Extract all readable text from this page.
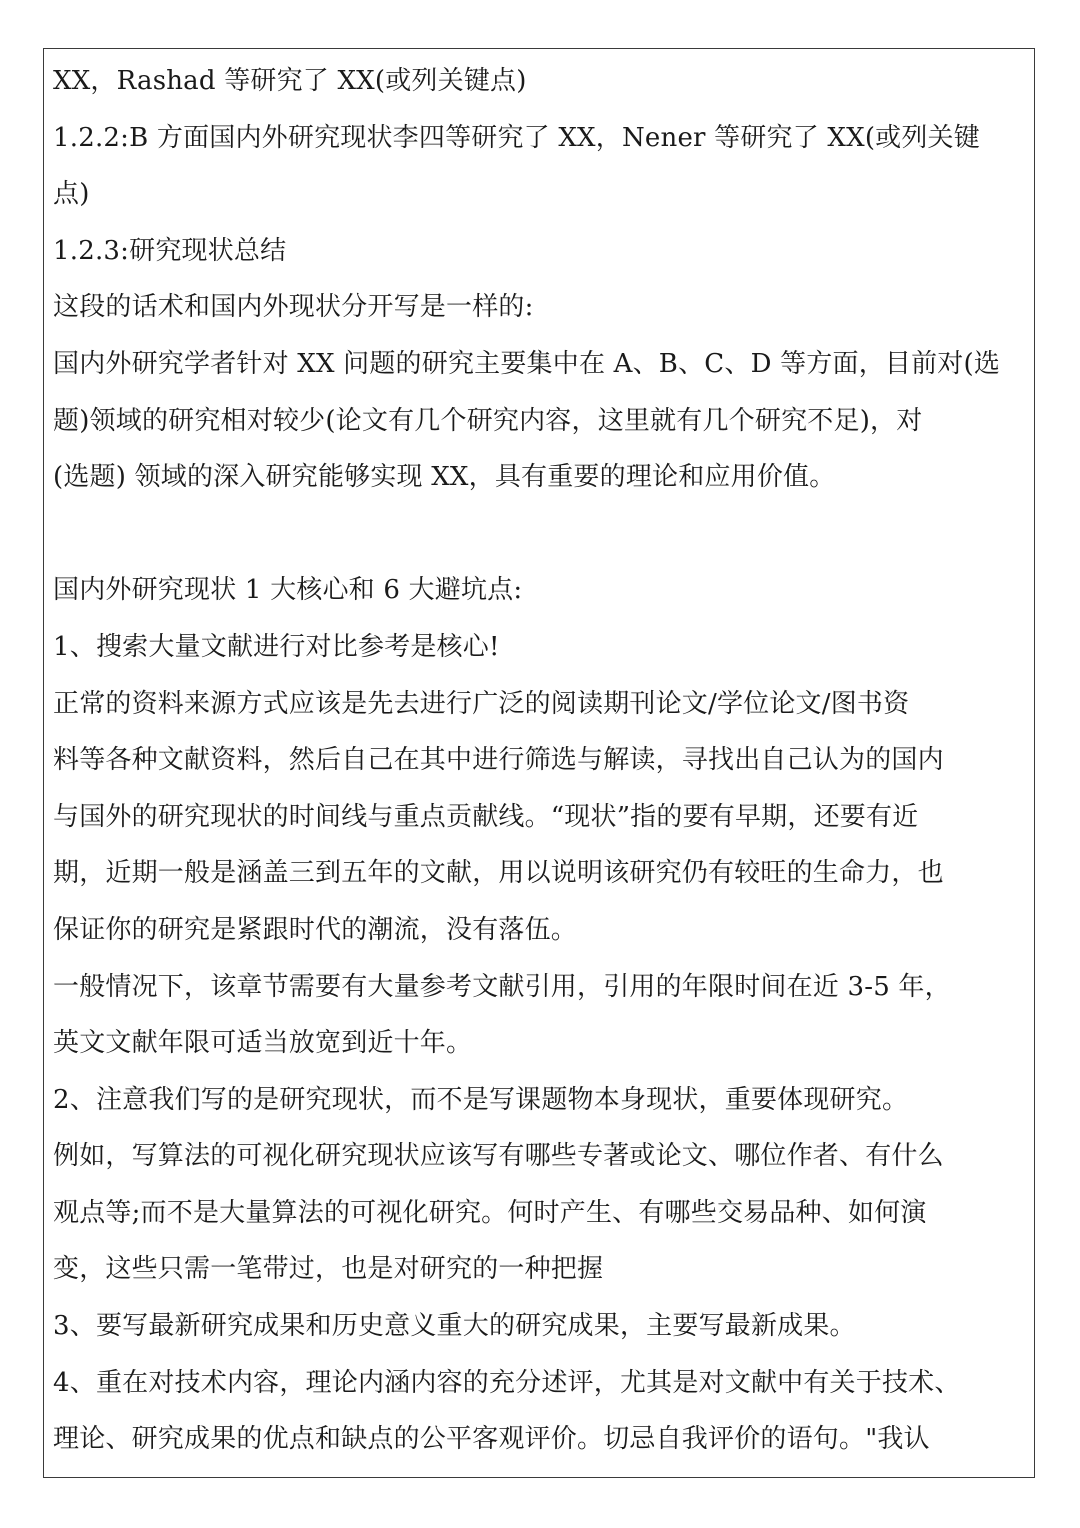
XX，Rashad 等研究了 XX(或列关键点)
1.2.2:B 方面国内外研究现状李四等研究了 XX，Nener 等研究了 XX(或列关键
点)
1.2.3:研究现状总结
这段的话术和国内外现状分开写是一样的:
国内外研究学者针对 XX 问题的研究主要集中在 A、B、C、D 等方面，目前对(选
题)领域的研究相对较少(论文有几个研究内容，这里就有几个研究不足)，对
(选题) 领域的深入研究能够实现 XX，具有重要的理论和应用价值。
国内外研究现状 1 大核心和 6 大避坑点:
1、搜索大量文献进行对比参考是核心!
正常的资料来源方式应该是先去进行广泛的阅读期刊论文/学位论文/图书资
料等各种文献资料，然后自己在其中进行筛选与解读，寻找出自己认为的国内
与国外的研究现状的时间线与重点贡献线。“现状”指的要有早期，还要有近
期，近期一般是涵盖三到五年的文献，用以说明该研究仍有较旺的生命力，也
保证你的研究是紧跟时代的潮流，没有落伍。
一般情况下，该章节需要有大量参考文献引用，引用的年限时间在近 3-5 年，
英文文献年限可适当放宽到近十年。
2、注意我们写的是研究现状，而不是写课题物本身现状，重要体现研究。
例如，写算法的可视化研究现状应该写有哪些专著或论文、哪位作者、有什么
观点等;而不是大量算法的可视化研究。何时产生、有哪些交易品种、如何演
变，这些只需一笔带过，也是对研究的一种把握
3、要写最新研究成果和历史意义重大的研究成果，主要写最新成果。
4、重在对技术内容，理论内涵内容的充分述评，尤其是对文献中有关于技术、
理论、研究成果的优点和缺点的公平客观评价。切忌自我评价的语句。"我认
